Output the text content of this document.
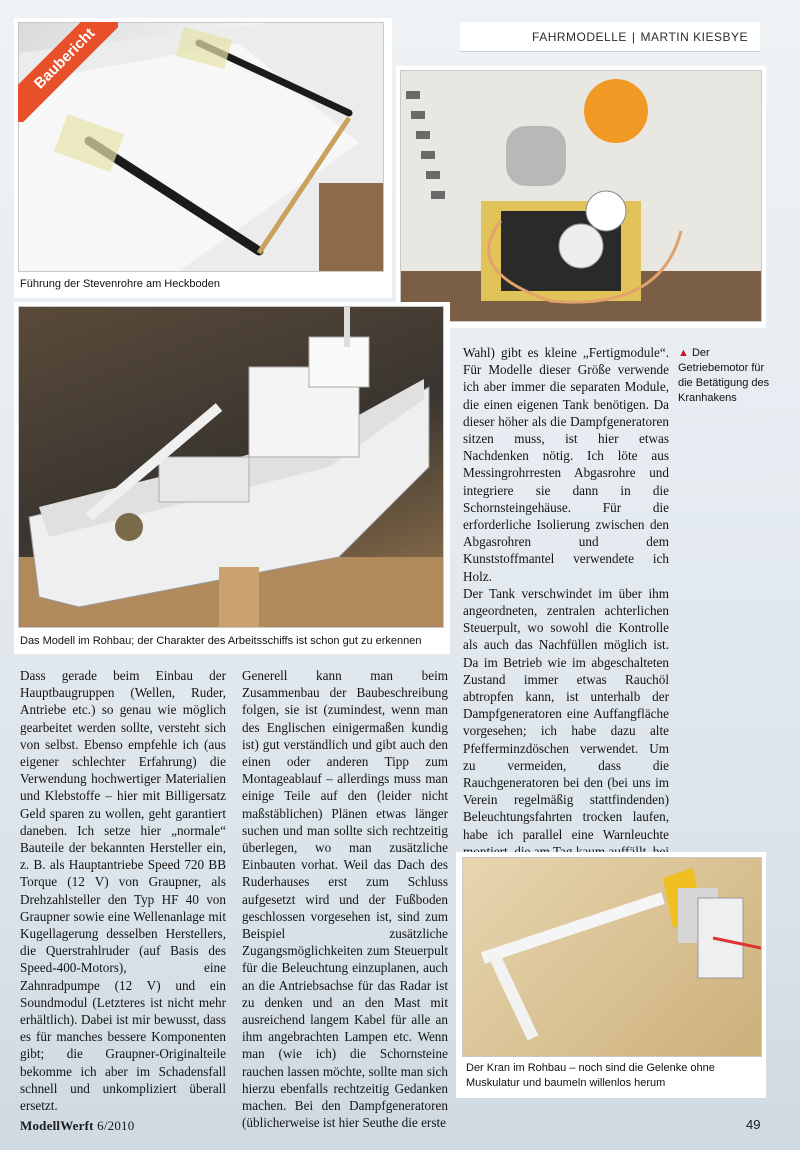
FAHRMODELLE | MARTIN KIESBYE
Baubericht
Führung der Stevenrohre am Heckboden
▲ Der Getriebemotor für die Betätigung des Kranhakens
Das Modell im Rohbau; der Charakter des Arbeitsschiffs ist schon gut zu erkennen

Dass gerade beim Einbau der Hauptbaugruppen (Wellen, Ruder, Antriebe etc.) so genau wie möglich gearbeitet werden sollte, versteht sich von selbst. Ebenso empfehle ich (aus eigener schlechter Erfahrung) die Verwendung hochwertiger Materialien und Klebstoffe – hier mit Billigersatz Geld sparen zu wollen, geht garantiert daneben. Ich setze hier „normale“ Bauteile der bekannten Hersteller ein, z. B. als Hauptantriebe Speed 720 BB Torque (12 V) von Graupner, als Drehzahlsteller den Typ HF 40 von Graupner sowie eine Wellenanlage mit Kugellagerung desselben Herstellers, die Querstrahlruder (auf Basis des Speed-400-Motors), eine Zahnradpumpe (12 V) und ein Soundmodul (Letzteres ist nicht mehr erhältlich). Dabei ist mir bewusst, dass es für manches bessere Komponenten gibt; die Graupner-Originalteile bekomme ich aber im Schadensfall schnell und unkompliziert überall ersetzt.

Generell kann man beim Zusammenbau der Baubeschreibung folgen, sie ist (zumindest, wenn man des Englischen einigermaßen kundig ist) gut verständlich und gibt auch den einen oder anderen Tipp zum Montageablauf – allerdings muss man einige Teile auf den (leider nicht maßstäblichen) Plänen etwas länger suchen und man sollte sich rechtzeitig überlegen, wo man zusätzliche Einbauten vorhat. Weil das Dach des Ruderhauses erst zum Schluss aufgesetzt wird und der Fußboden geschlossen vorgesehen ist, sind zum Beispiel zusätzliche Zugangsmöglichkeiten zum Steuerpult für die Beleuchtung einzuplanen, auch an die Antriebsachse für das Radar ist zu denken und an den Mast mit ausreichend langem Kabel für alle an ihm angebrachten Lampen etc. Wenn man (wie ich) die Schornsteine rauchen lassen möchte, sollte man sich hierzu ebenfalls rechtzeitig Gedanken machen. Bei den Dampfgeneratoren (üblicherweise ist hier Seuthe die erste

Wahl) gibt es kleine „Fertigmodule“. Für Modelle dieser Größe verwende ich aber immer die separaten Module, die einen eigenen Tank benötigen. Da dieser höher als die Dampfgeneratoren sitzen muss, ist hier etwas Nachdenken nötig. Ich löte aus Messingrohrresten Abgasrohre und integriere sie dann in die Schornsteingehäuse. Für die erforderliche Isolierung zwischen den Abgasrohren und dem Kunststoffmantel verwendete ich Holz.

Der Tank verschwindet im über ihm angeordneten, zentralen achterlichen Steuerpult, wo sowohl die Kontrolle als auch das Nachfüllen möglich ist. Da im Betrieb wie im abgeschalteten Zustand immer etwas Rauchöl abtropfen kann, ist unterhalb der Dampfgeneratoren eine Auffangfläche vorgesehen; ich habe dazu alte Pfefferminzdöschen verwendet. Um zu vermeiden, dass die Rauchgeneratoren bei den (bei uns im Verein regelmäßig stattfindenden) Beleuchtungsfahrten trocken laufen, habe ich parallel eine Warnleuchte

Der Kran im Rohbau – noch sind die Gelenke ohne Muskulatur und baumeln willenlos herum
ModellWerft 6/2010	49
